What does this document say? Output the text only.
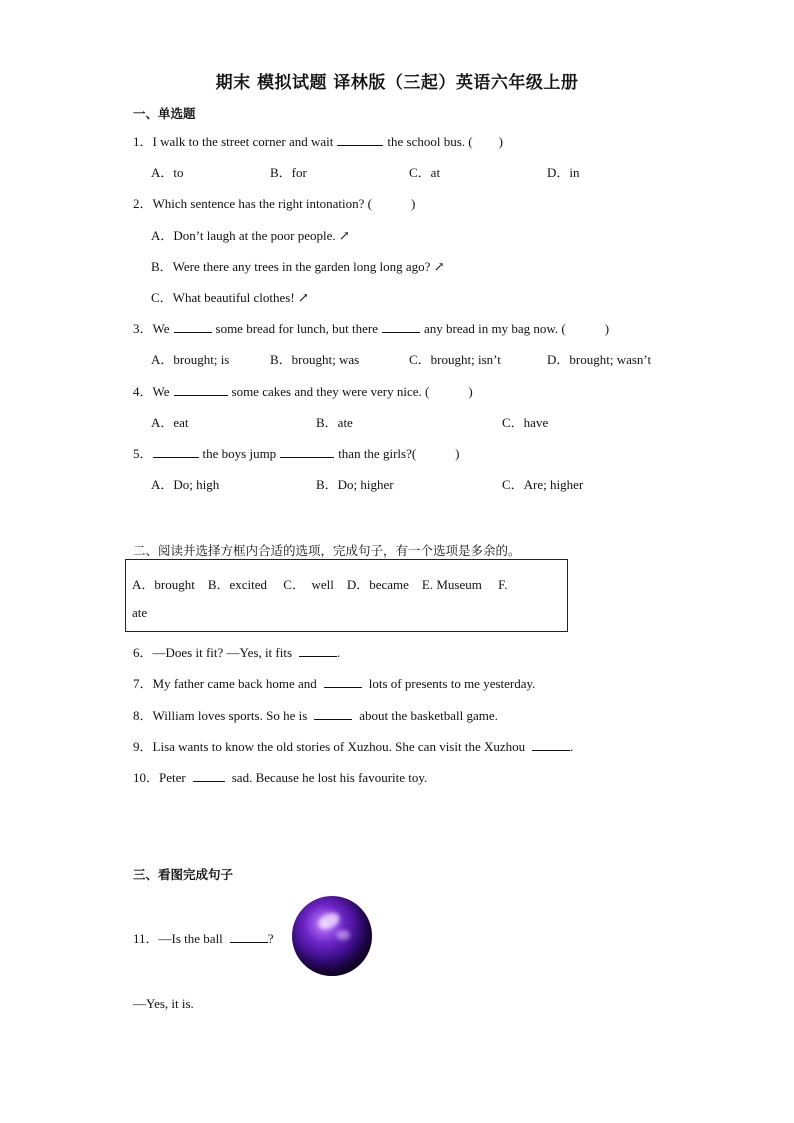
期末 模拟试题 译林版（三起）英语六年级上册
一、单选题
1．I walk to the street corner and wait	the school bus. (　　)
A．to	B．for	C．at	D．in
2．Which sentence has the right intonation? (　　　)
A．Don’t laugh at the poor people. ↗
B．Were there any trees in the garden long long ago? ↗
C．What beautiful clothes! ↗
3．We	some bread for lunch, but there	any bread in my bag now. (　　　)
A．brought; is	B．brought; was	C．brought; isn’t	D．brought; wasn’t
4．We	some cakes and they were very nice. (　　　)
A．eat	B．ate	C．have
5．	the boys jump	than the girls?(　　　)
A．Do; high	B．Do; higher	C．Are; higher
二、阅读并选择方框内合适的选项，完成句子，有一个选项是多余的。
A．brought　B．excited　 C．　well　D．became　E. Museum　 F.
ate
6．—Does it fit? —Yes, it fits	.
7．My father came back home and	lots of presents to me yesterday.
8．William loves sports. So he is	about the basketball game.
9．Lisa wants to know the old stories of Xuzhou. She can visit the Xuzhou	.
10．Peter	sad. Because he lost his favourite toy.
三、看图完成句子
11．—Is the ball	?
—Yes, it is.
